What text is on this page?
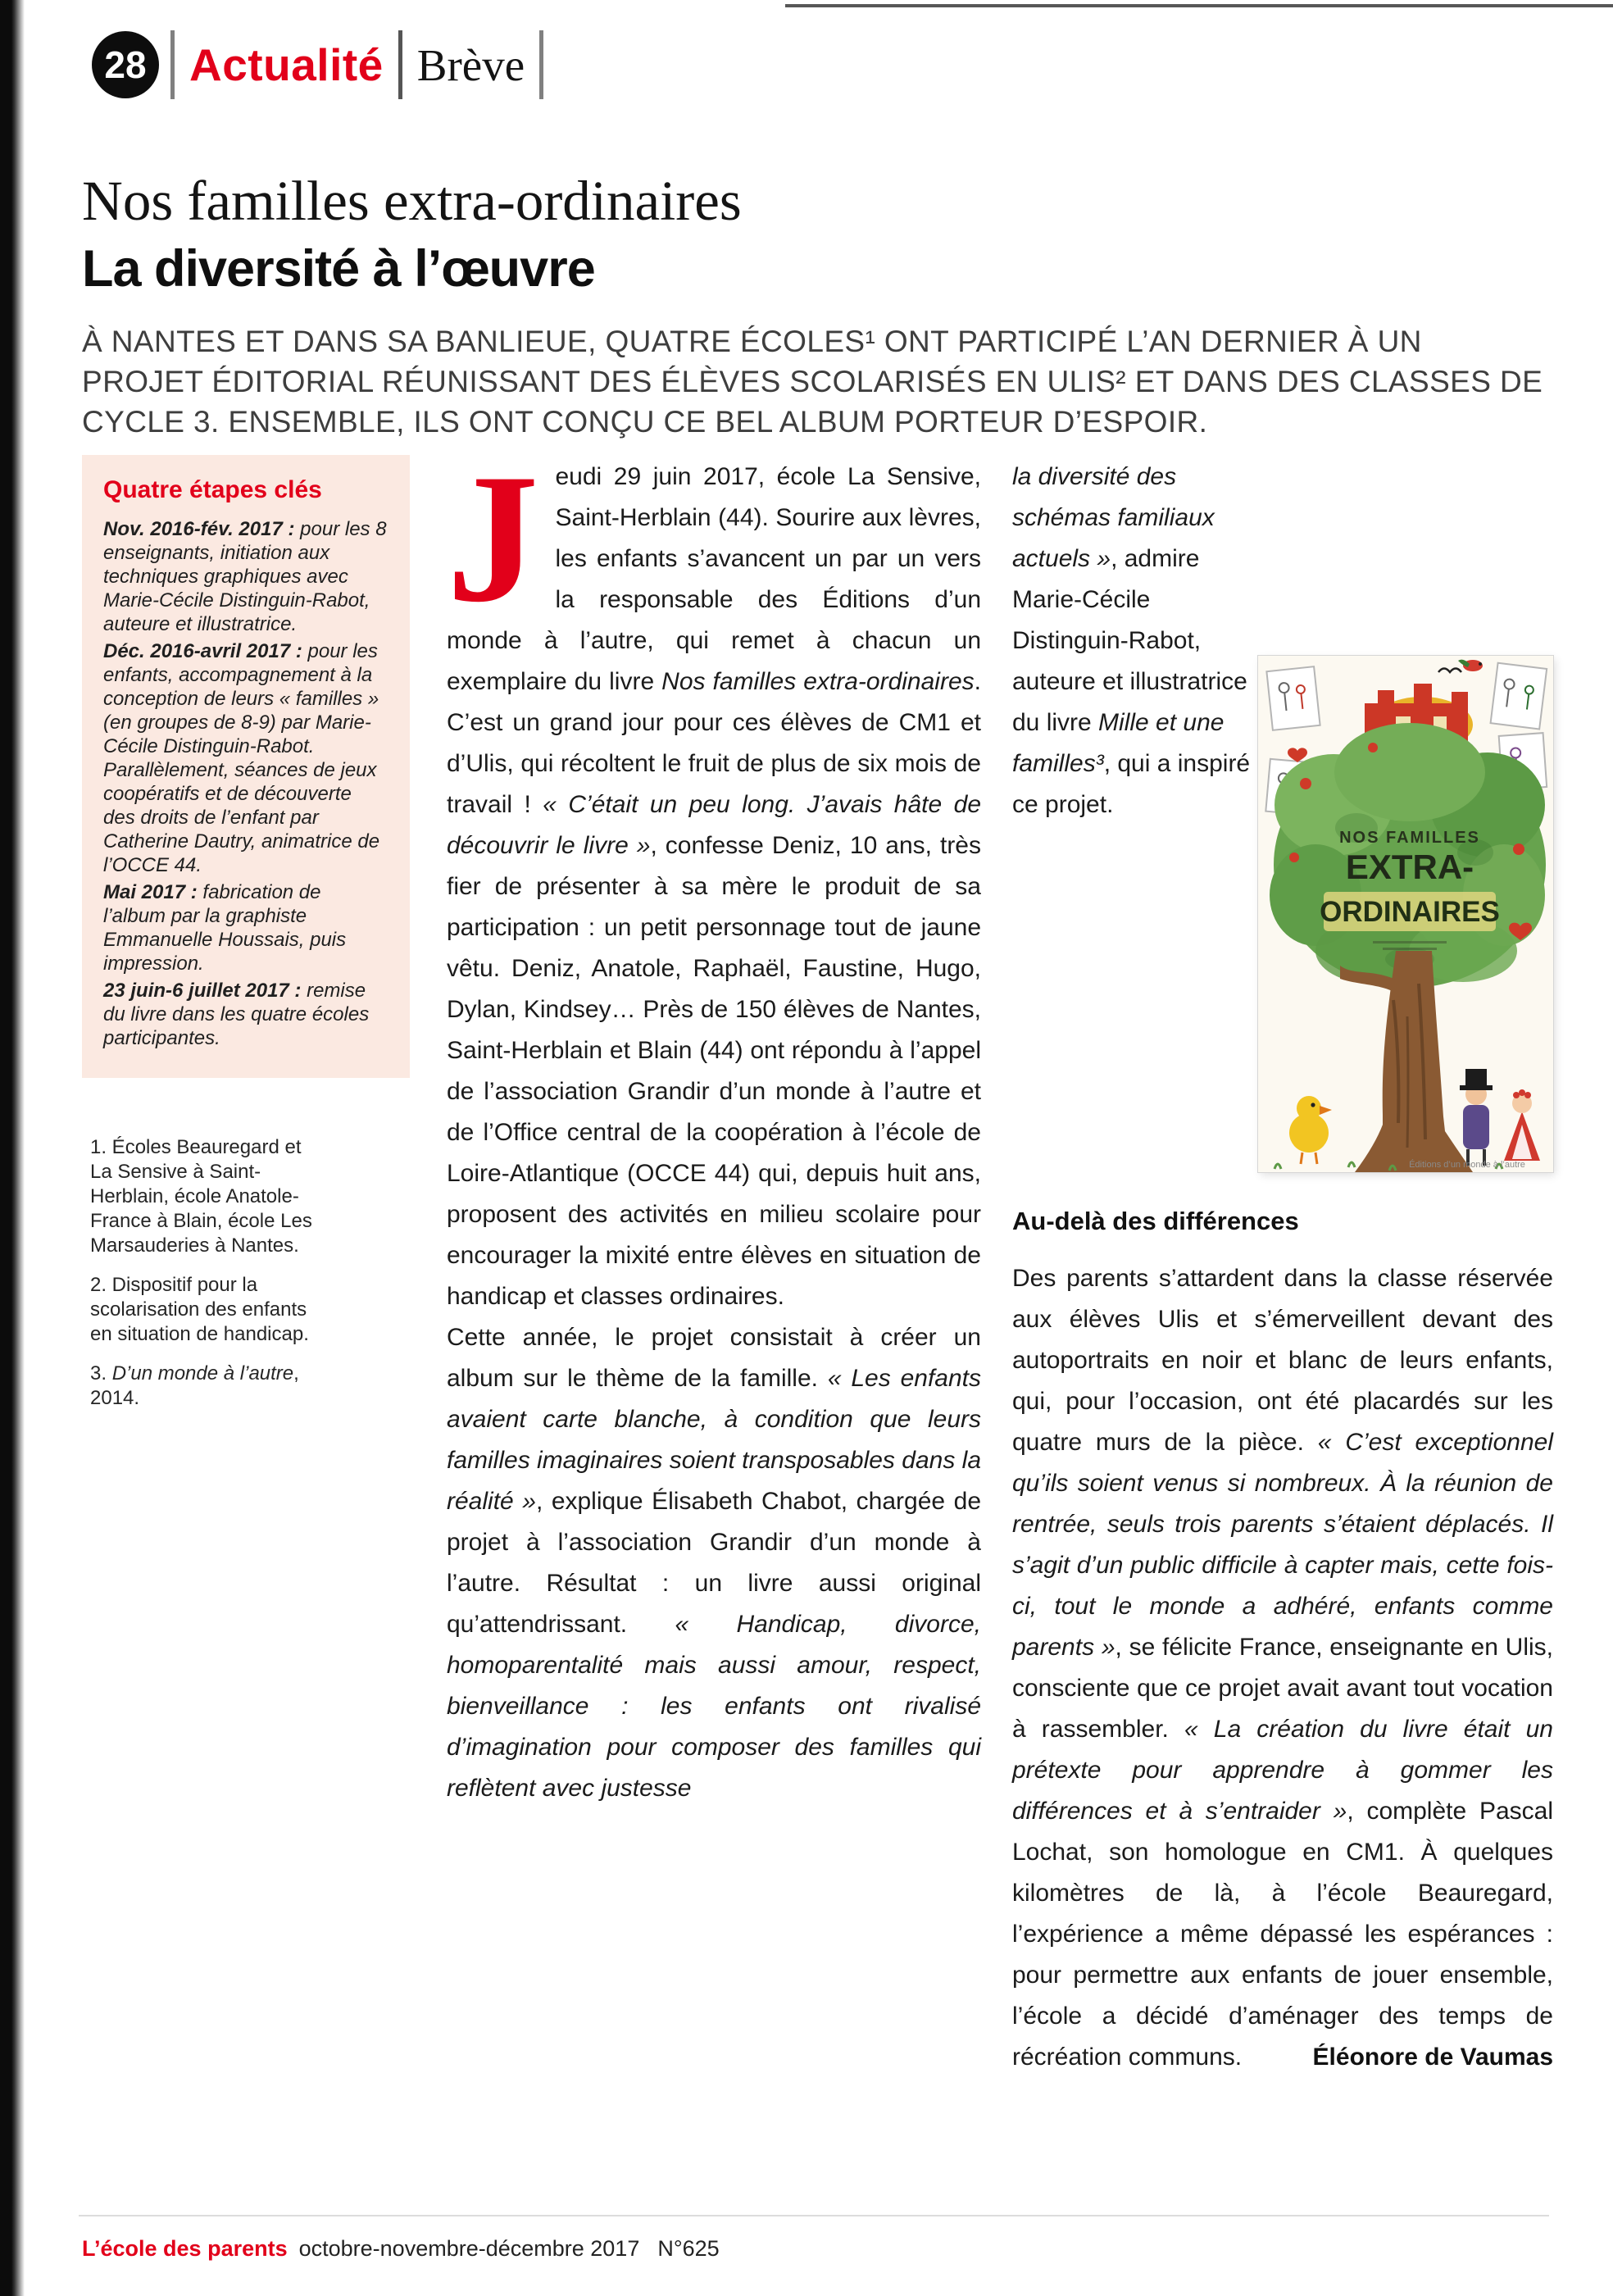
28 Actualité Brève
Nos familles extra-ordinaires
La diversité à l’œuvre
À NANTES ET DANS SA BANLIEUE, QUATRE ÉCOLES¹ ONT PARTICIPÉ L’AN DERNIER À UN PROJET ÉDITORIAL RÉUNISSANT DES ÉLÈVES SCOLARISÉS EN ULIS² ET DANS DES CLASSES DE CYCLE 3. ENSEMBLE, ILS ONT CONÇU CE BEL ALBUM PORTEUR D’ESPOIR.
Quatre étapes clés

Nov. 2016-fév. 2017 : pour les 8 enseignants, initiation aux techniques graphiques avec Marie-Cécile Distinguin-Rabot, auteure et illustratrice.

Déc. 2016-avril 2017 : pour les enfants, accompagnement à la conception de leurs « familles » (en groupes de 8-9) par Marie-Cécile Distinguin-Rabot. Parallèlement, séances de jeux coopératifs et de découverte des droits de l’enfant par Catherine Dautry, animatrice de l’OCCE 44.

Mai 2017 : fabrication de l’album par la graphiste Emmanuelle Houssais, puis impression.

23 juin-6 juillet 2017 : remise du livre dans les quatre écoles participantes.

1. Écoles Beauregard et La Sensive à Saint-Herblain, école Anatole-France à Blain, école Les Marsauderies à Nantes.

2. Dispositif pour la scolarisation des enfants en situation de handicap.

3. D’un monde à l’autre, 2014.

Jeudi 29 juin 2017, école La Sensive, Saint-Herblain (44). Sourire aux lèvres, les enfants s’avancent un par un vers la responsable des Éditions d’un monde à l’autre, qui remet à chacun un exemplaire du livre Nos familles extra-ordinaires. C’est un grand jour pour ces élèves de CM1 et d’Ulis, qui récoltent le fruit de plus de six mois de travail ! « C’était un peu long. J’avais hâte de découvrir le livre », confesse Deniz, 10 ans, très fier de présenter à sa mère le produit de sa participation : un petit personnage tout de jaune vêtu. Deniz, Anatole, Raphaël, Faustine, Hugo, Dylan, Kindsey… Près de 150 élèves de Nantes, Saint-Herblain et Blain (44) ont répondu à l’appel de l’association Grandir d’un monde à l’autre et de l’Office central de la coopération à l’école de Loire-Atlantique (OCCE 44) qui, depuis huit ans, proposent des activités en milieu scolaire pour encourager la mixité entre élèves en situation de handicap et classes ordinaires.

Cette année, le projet consistait à créer un album sur le thème de la famille. « Les enfants avaient carte blanche, à condition que leurs familles imaginaires soient transposables dans la réalité », explique Élisabeth Chabot, chargée de projet à l’association Grandir d’un monde à l’autre. Résultat : un livre aussi original qu’attendrissant. « Handicap, divorce, homoparentalité mais aussi amour, respect, bienveillance : les enfants ont rivalisé d’imagination pour composer des familles qui reflètent avec justesse

la diversité des schémas familiaux actuels », admire Marie-Cécile Distinguin-Rabot, auteure et illustratrice du livre Mille et une familles³, qui a inspiré ce projet.
NOS FAMILLES
EXTRA-
ORDINAIRES
Éditions d’un monde à l’autre
Au-delà des différences

Des parents s’attardent dans la classe réservée aux élèves Ulis et s’émerveillent devant des autoportraits en noir et blanc de leurs enfants, qui, pour l’occasion, ont été placardés sur les quatre murs de la pièce. « C’est exceptionnel qu’ils soient venus si nombreux. À la réunion de rentrée, seuls trois parents s’étaient déplacés. Il s’agit d’un public difficile à capter mais, cette fois-ci, tout le monde a adhéré, enfants comme parents », se félicite France, enseignante en Ulis, consciente que ce projet avait avant tout vocation à rassembler. « La création du livre était un prétexte pour apprendre à gommer les différences et à s’entraider », complète Pascal Lochat, son homologue en CM1. À quelques kilomètres de là, à l’école Beauregard, l’expérience a même dépassé les espérances : pour permettre aux enfants de jouer ensemble, l’école a décidé d’aménager des temps de récréation communs.	Éléonore de Vaumas
L’école des parents octobre-novembre-décembre 2017 N°625
